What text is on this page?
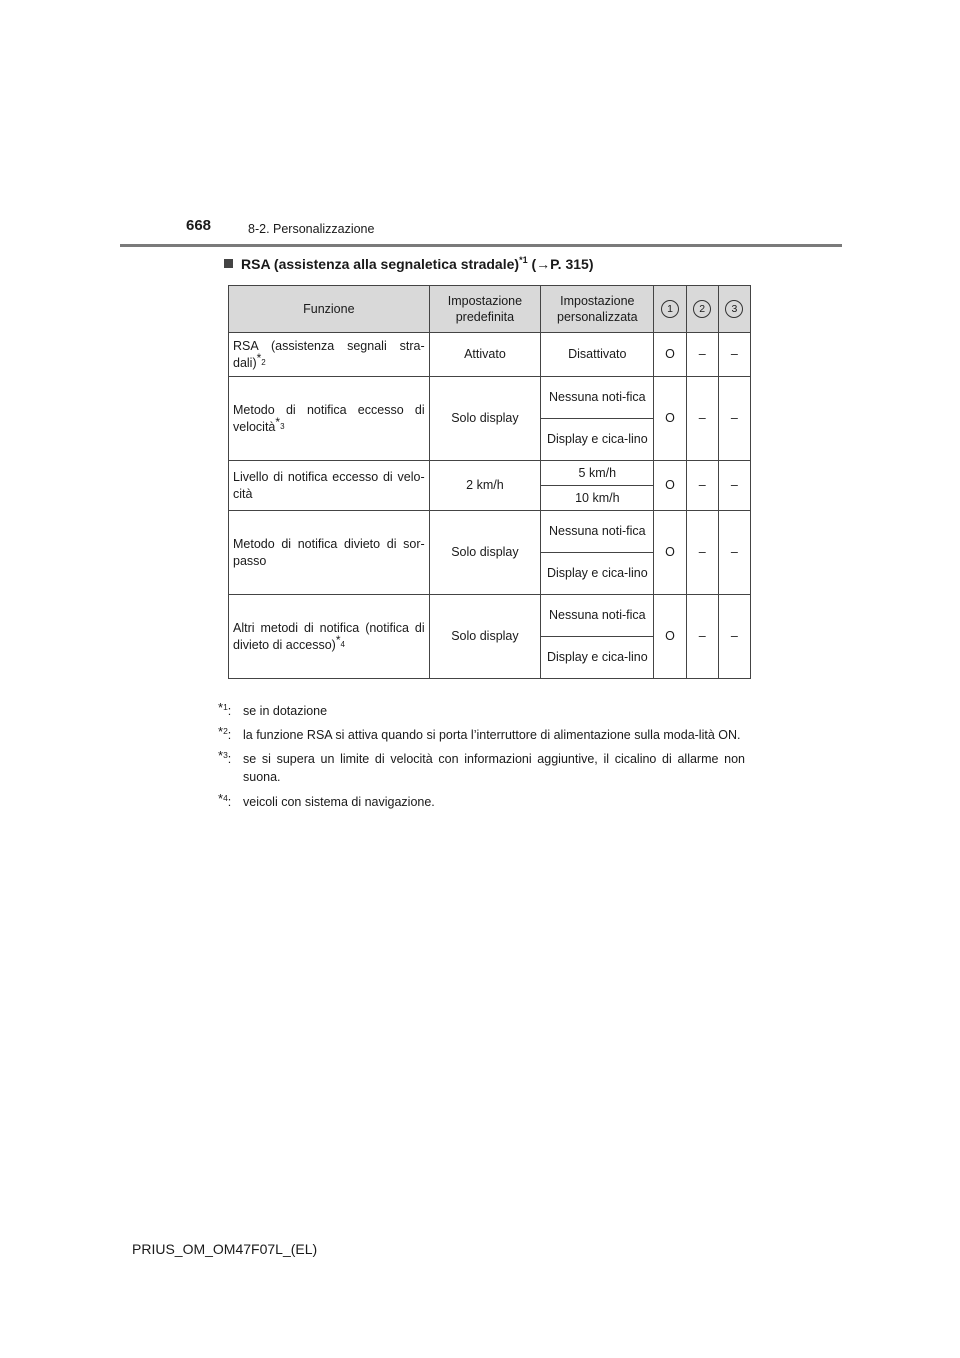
668	8-2. Personalizzazione
RSA (assistenza alla segnaletica stradale)$^{*1}$ (→P. 315)
Funzione	Impostazione predefinita	Impostazione personalizzata	1	2	3
RSA (assistenza segnali stra-dali)*2	Attivato	Disattivato	O	–	–
Metodo di notifica eccesso di velocità*3	Solo display	Nessuna noti-fica	O	–	–
		Display e cica-lino			
Livello di notifica eccesso di velo-cità	2 km/h	5 km/h	O	–	–
		10 km/h			
Metodo di notifica divieto di sor-passo	Solo display	Nessuna noti-fica	O	–	–
		Display e cica-lino			
Altri metodi di notifica (notifica di divieto di accesso)*4	Solo display	Nessuna noti-fica	O	–	–
		Display e cica-lino			
*$^1$: se in dotazione
*$^2$: la funzione RSA si attiva quando si porta l’interruttore di alimentazione sulla moda-lità ON.
*$^3$: se si supera un limite di velocità con informazioni aggiuntive, il cicalino di allarme non suona.
*$^4$: veicoli con sistema di navigazione.
PRIUS_OM_OM47F07L_(EL)
